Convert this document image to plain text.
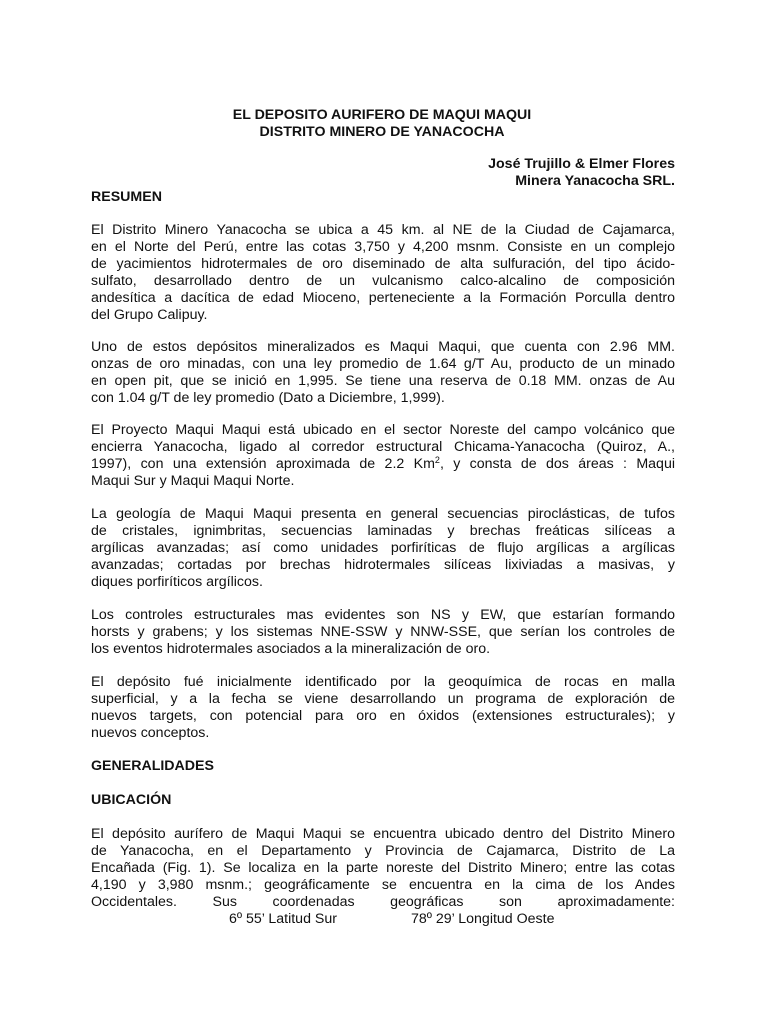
EL DEPOSITO AURIFERO DE MAQUI MAQUI
DISTRITO MINERO DE YANACOCHA
José Trujillo & Elmer Flores
Minera Yanacocha SRL.
RESUMEN
El Distrito Minero Yanacocha se ubica a 45 km. al NE de la Ciudad de Cajamarca,
en el Norte del Perú, entre las cotas 3,750 y 4,200 msnm. Consiste en un complejo
de yacimientos hidrotermales de oro diseminado de alta sulfuración, del tipo ácido-
sulfato, desarrollado dentro de un vulcanismo calco-alcalino de composición
andesítica a dacítica de edad Mioceno, perteneciente a la Formación Porculla dentro
del Grupo Calipuy.
Uno de estos depósitos mineralizados es Maqui Maqui, que cuenta con 2.96 MM.
onzas de oro minadas, con una ley promedio de 1.64 g/T Au, producto de un minado
en open pit, que se inició en 1,995. Se tiene una reserva de 0.18 MM. onzas de Au
con 1.04 g/T de ley promedio (Dato a Diciembre, 1,999).
El Proyecto Maqui Maqui está ubicado en el sector Noreste del campo volcánico que
encierra Yanacocha, ligado al corredor estructural Chicama-Yanacocha (Quiroz, A.,
1997), con una extensión aproximada de 2.2 Km$^2$, y consta de dos áreas : Maqui
Maqui Sur y Maqui Maqui Norte.
La geología de Maqui Maqui presenta en general secuencias piroclásticas, de tufos
de cristales, ignimbritas, secuencias laminadas y brechas freáticas silíceas a
argílicas avanzadas; así como unidades porfiríticas de flujo argílicas a argílicas
avanzadas; cortadas por brechas hidrotermales silíceas lixiviadas a masivas, y
diques porfiríticos argílicos.
Los controles estructurales mas evidentes son NS y EW, que estarían formando
horsts y grabens; y los sistemas NNE-SSW y NNW-SSE, que serían los controles de
los eventos hidrotermales asociados a la mineralización de oro.
El depósito fué inicialmente identificado por la geoquímica de rocas en malla
superficial, y a la fecha se viene desarrollando un programa de exploración de
nuevos targets, con potencial para oro en óxidos (extensiones estructurales); y
nuevos conceptos.
GENERALIDADES
UBICACIÓN
El depósito aurífero de Maqui Maqui se encuentra ubicado dentro del Distrito Minero
de Yanacocha, en el Departamento y Provincia de Cajamarca, Distrito de La
Encañada (Fig. 1). Se localiza en la parte noreste del Distrito Minero; entre las cotas
4,190 y 3,980 msnm.; geográficamente se encuentra en la cima de los Andes
Occidentales. Sus coordenadas geográficas son aproximadamente:
6º 55’ Latitud Sur	78º 29’ Longitud Oeste
